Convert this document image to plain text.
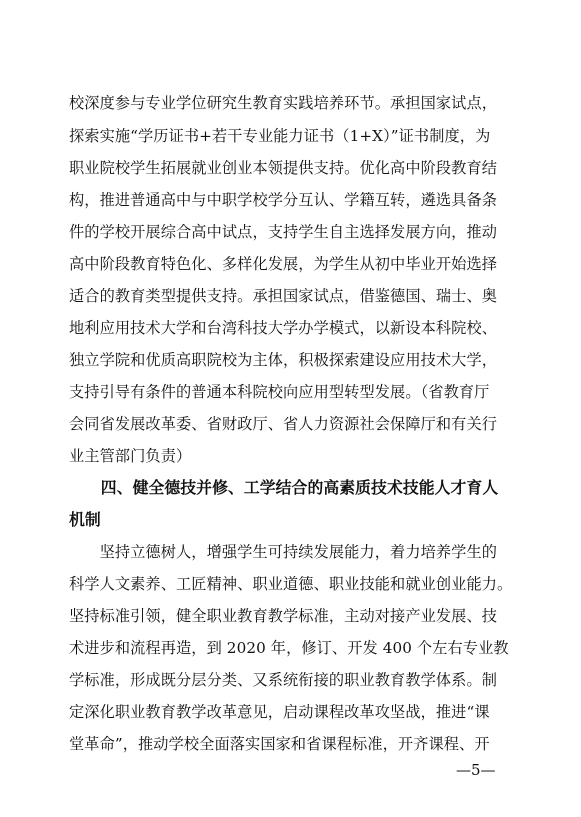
校深度参与专业学位研究生教育实践培养环节。承担国家试点，
探索实施“学历证书+若干专业能力证书（1+X）”证书制度，为
职业院校学生拓展就业创业本领提供支持。优化高中阶段教育结
构，推进普通高中与中职学校学分互认、学籍互转，遴选具备条
件的学校开展综合高中试点，支持学生自主选择发展方向，推动
高中阶段教育特色化、多样化发展，为学生从初中毕业开始选择
适合的教育类型提供支持。承担国家试点，借鉴德国、瑞士、奥
地利应用技术大学和台湾科技大学办学模式，以新设本科院校、
独立学院和优质高职院校为主体，积极探索建设应用技术大学，
支持引导有条件的普通本科院校向应用型转型发展。（省教育厅
会同省发展改革委、省财政厅、省人力资源社会保障厅和有关行
业主管部门负责）
　　四、健全德技并修、工学结合的高素质技术技能人才育人
机制
　　坚持立德树人，增强学生可持续发展能力，着力培养学生的
科学人文素养、工匠精神、职业道德、职业技能和就业创业能力。
坚持标准引领，健全职业教育教学标准，主动对接产业发展、技
术进步和流程再造，到 2020 年，修订、开发 400 个左右专业教
学标准，形成既分层分类、又系统衔接的职业教育教学体系。制
定深化职业教育教学改革意见，启动课程改革攻坚战，推进“课
堂革命”，推动学校全面落实国家和省课程标准，开齐课程、开
—5—
